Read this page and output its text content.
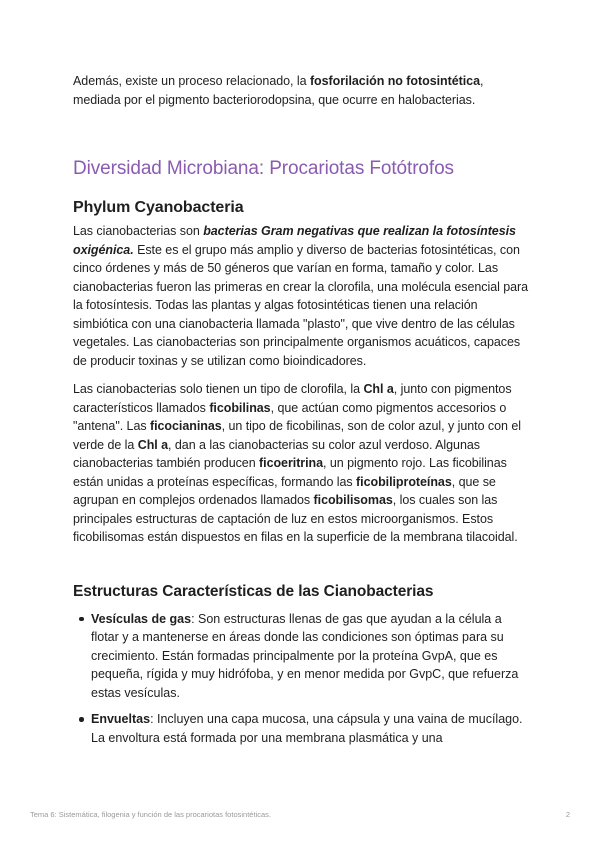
Además, existe un proceso relacionado, la fosforilación no fotosintética, mediada por el pigmento bacteriorodopsina, que ocurre en halobacterias.

Diversidad Microbiana: Procariotas Fotótrofos
Phylum Cyanobacteria

Las cianobacterias son bacterias Gram negativas que realizan la fotosíntesis oxigénica. Este es el grupo más amplio y diverso de bacterias fotosintéticas, con cinco órdenes y más de 50 géneros que varían en forma, tamaño y color. Las cianobacterias fueron las primeras en crear la clorofila, una molécula esencial para la fotosíntesis. Todas las plantas y algas fotosintéticas tienen una relación simbiótica con una cianobacteria llamada "plasto", que vive dentro de las células vegetales. Las cianobacterias son principalmente organismos acuáticos, capaces de producir toxinas y se utilizan como bioindicadores.

Las cianobacterias solo tienen un tipo de clorofila, la Chl a, junto con pigmentos característicos llamados ficobilinas, que actúan como pigmentos accesorios o "antena". Las ficocianinas, un tipo de ficobilinas, son de color azul, y junto con el verde de la Chl a, dan a las cianobacterias su color azul verdoso. Algunas cianobacterias también producen ficoeritrina, un pigmento rojo. Las ficobilinas están unidas a proteínas específicas, formando las ficobiliproteínas, que se agrupan en complejos ordenados llamados ficobilisomas, los cuales son las principales estructuras de captación de luz en estos microorganismos. Estos ficobilisomas están dispuestos en filas en la superficie de la membrana tilacoidal.

Estructuras Características de las Cianobacterias
Vesículas de gas: Son estructuras llenas de gas que ayudan a la célula a flotar y a mantenerse en áreas donde las condiciones son óptimas para su crecimiento. Están formadas principalmente por la proteína GvpA, que es pequeña, rígida y muy hidrófoba, y en menor medida por GvpC, que refuerza estas vesículas.
Envueltas: Incluyen una capa mucosa, una cápsula y una vaina de mucílago. La envoltura está formada por una membrana plasmática y una
Tema 6: Sistemática, filogenia y función de las procariotas fotosintéticas.	2
